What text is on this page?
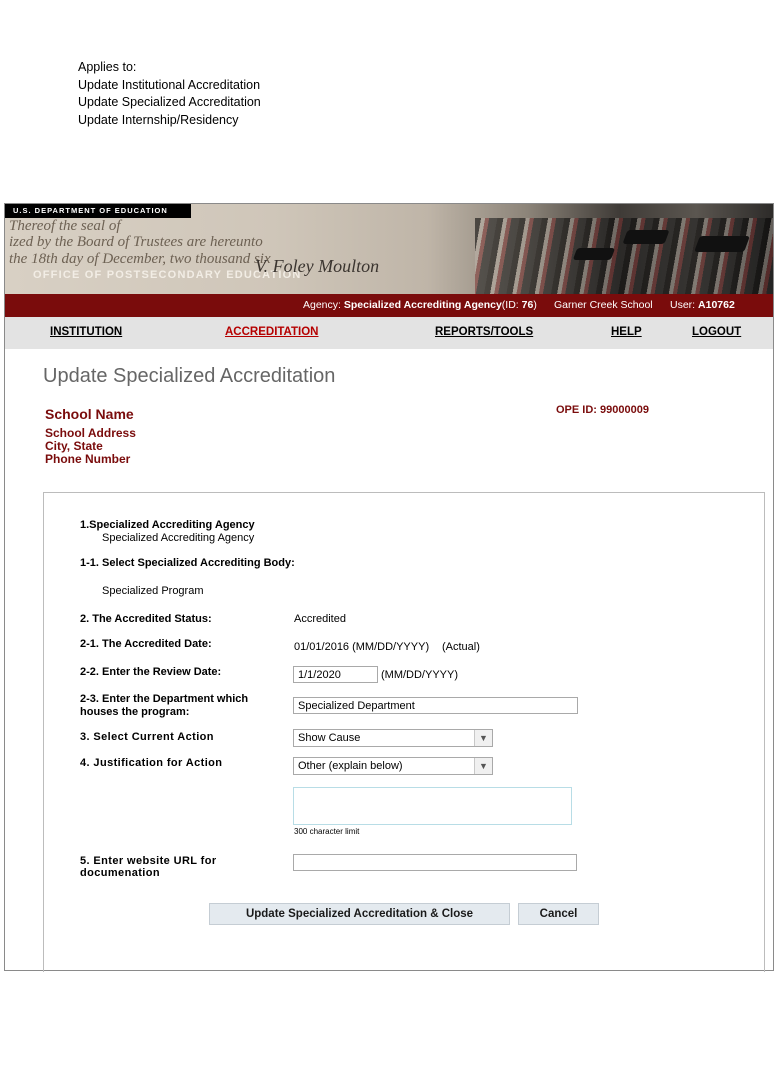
Applies to:
Update Institutional Accreditation
Update Specialized Accreditation
Update Internship/Residency
Thereof the seal of
ized by the Board of Trustees are hereunto
the 18th day of December, two thousand six
U.S. DEPARTMENT OF EDUCATION
OFFICE OF POSTSECONDARY EDUCATION
V. Foley Moulton
Agency: Specialized Accrediting Agency(ID: 76) Garner Creek School User: A10762
INSTITUTION	ACCREDITATION	REPORTS/TOOLS	HELP	LOGOUT
Update Specialized Accreditation
School Name
School Address
City, State
Phone Number
OPE ID: 99000009
1.Specialized Accrediting Agency
Specialized Accrediting Agency
1-1. Select Specialized Accrediting Body:
Specialized Program
2. The Accredited Status:	Accredited
2-1. The Accredited Date:	01/01/2016 (MM/DD/YYYY) (Actual)
2-2. Enter the Review Date:
1/1/2020	(MM/DD/YYYY)
2-3. Enter the Department which
houses the program:
Specialized Department
3. Select Current Action	Show Cause	▼
4. Justification for Action	Other (explain below)	▼
300 character limit
5. Enter website URL for
documenation
Update Specialized Accreditation & Close	Cancel
